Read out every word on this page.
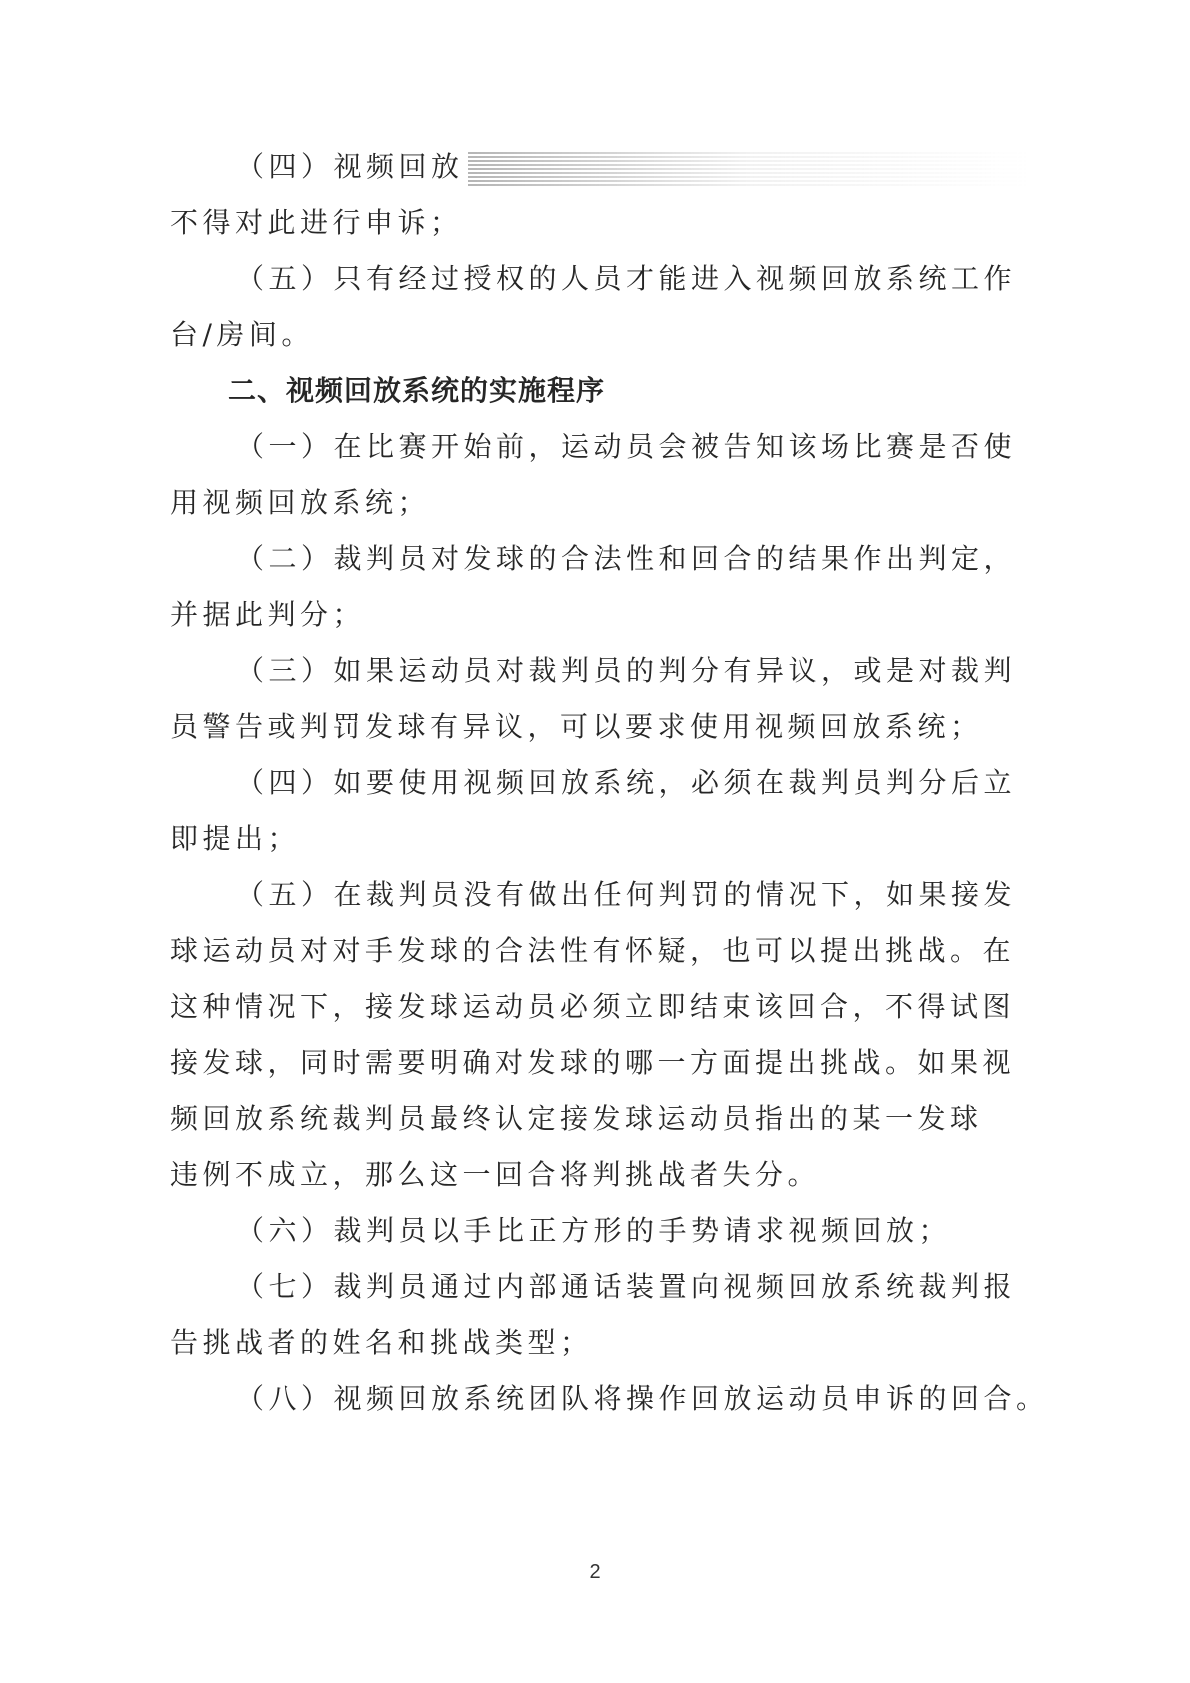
（四）视频回放

不得对此进行申诉；

（五）只有经过授权的人员才能进入视频回放系统工作

台/房间。

二、视频回放系统的实施程序

（一）在比赛开始前，运动员会被告知该场比赛是否使

用视频回放系统；

（二）裁判员对发球的合法性和回合的结果作出判定，

并据此判分；

（三）如果运动员对裁判员的判分有异议，或是对裁判

员警告或判罚发球有异议，可以要求使用视频回放系统；

（四）如要使用视频回放系统，必须在裁判员判分后立

即提出；

（五）在裁判员没有做出任何判罚的情况下，如果接发

球运动员对对手发球的合法性有怀疑，也可以提出挑战。在

这种情况下，接发球运动员必须立即结束该回合，不得试图

接发球，同时需要明确对发球的哪一方面提出挑战。如果视

频回放系统裁判员最终认定接发球运动员指出的某一发球

违例不成立，那么这一回合将判挑战者失分。

（六）裁判员以手比正方形的手势请求视频回放；

（七）裁判员通过内部通话装置向视频回放系统裁判报

告挑战者的姓名和挑战类型；

（八）视频回放系统团队将操作回放运动员申诉的回合。

2
